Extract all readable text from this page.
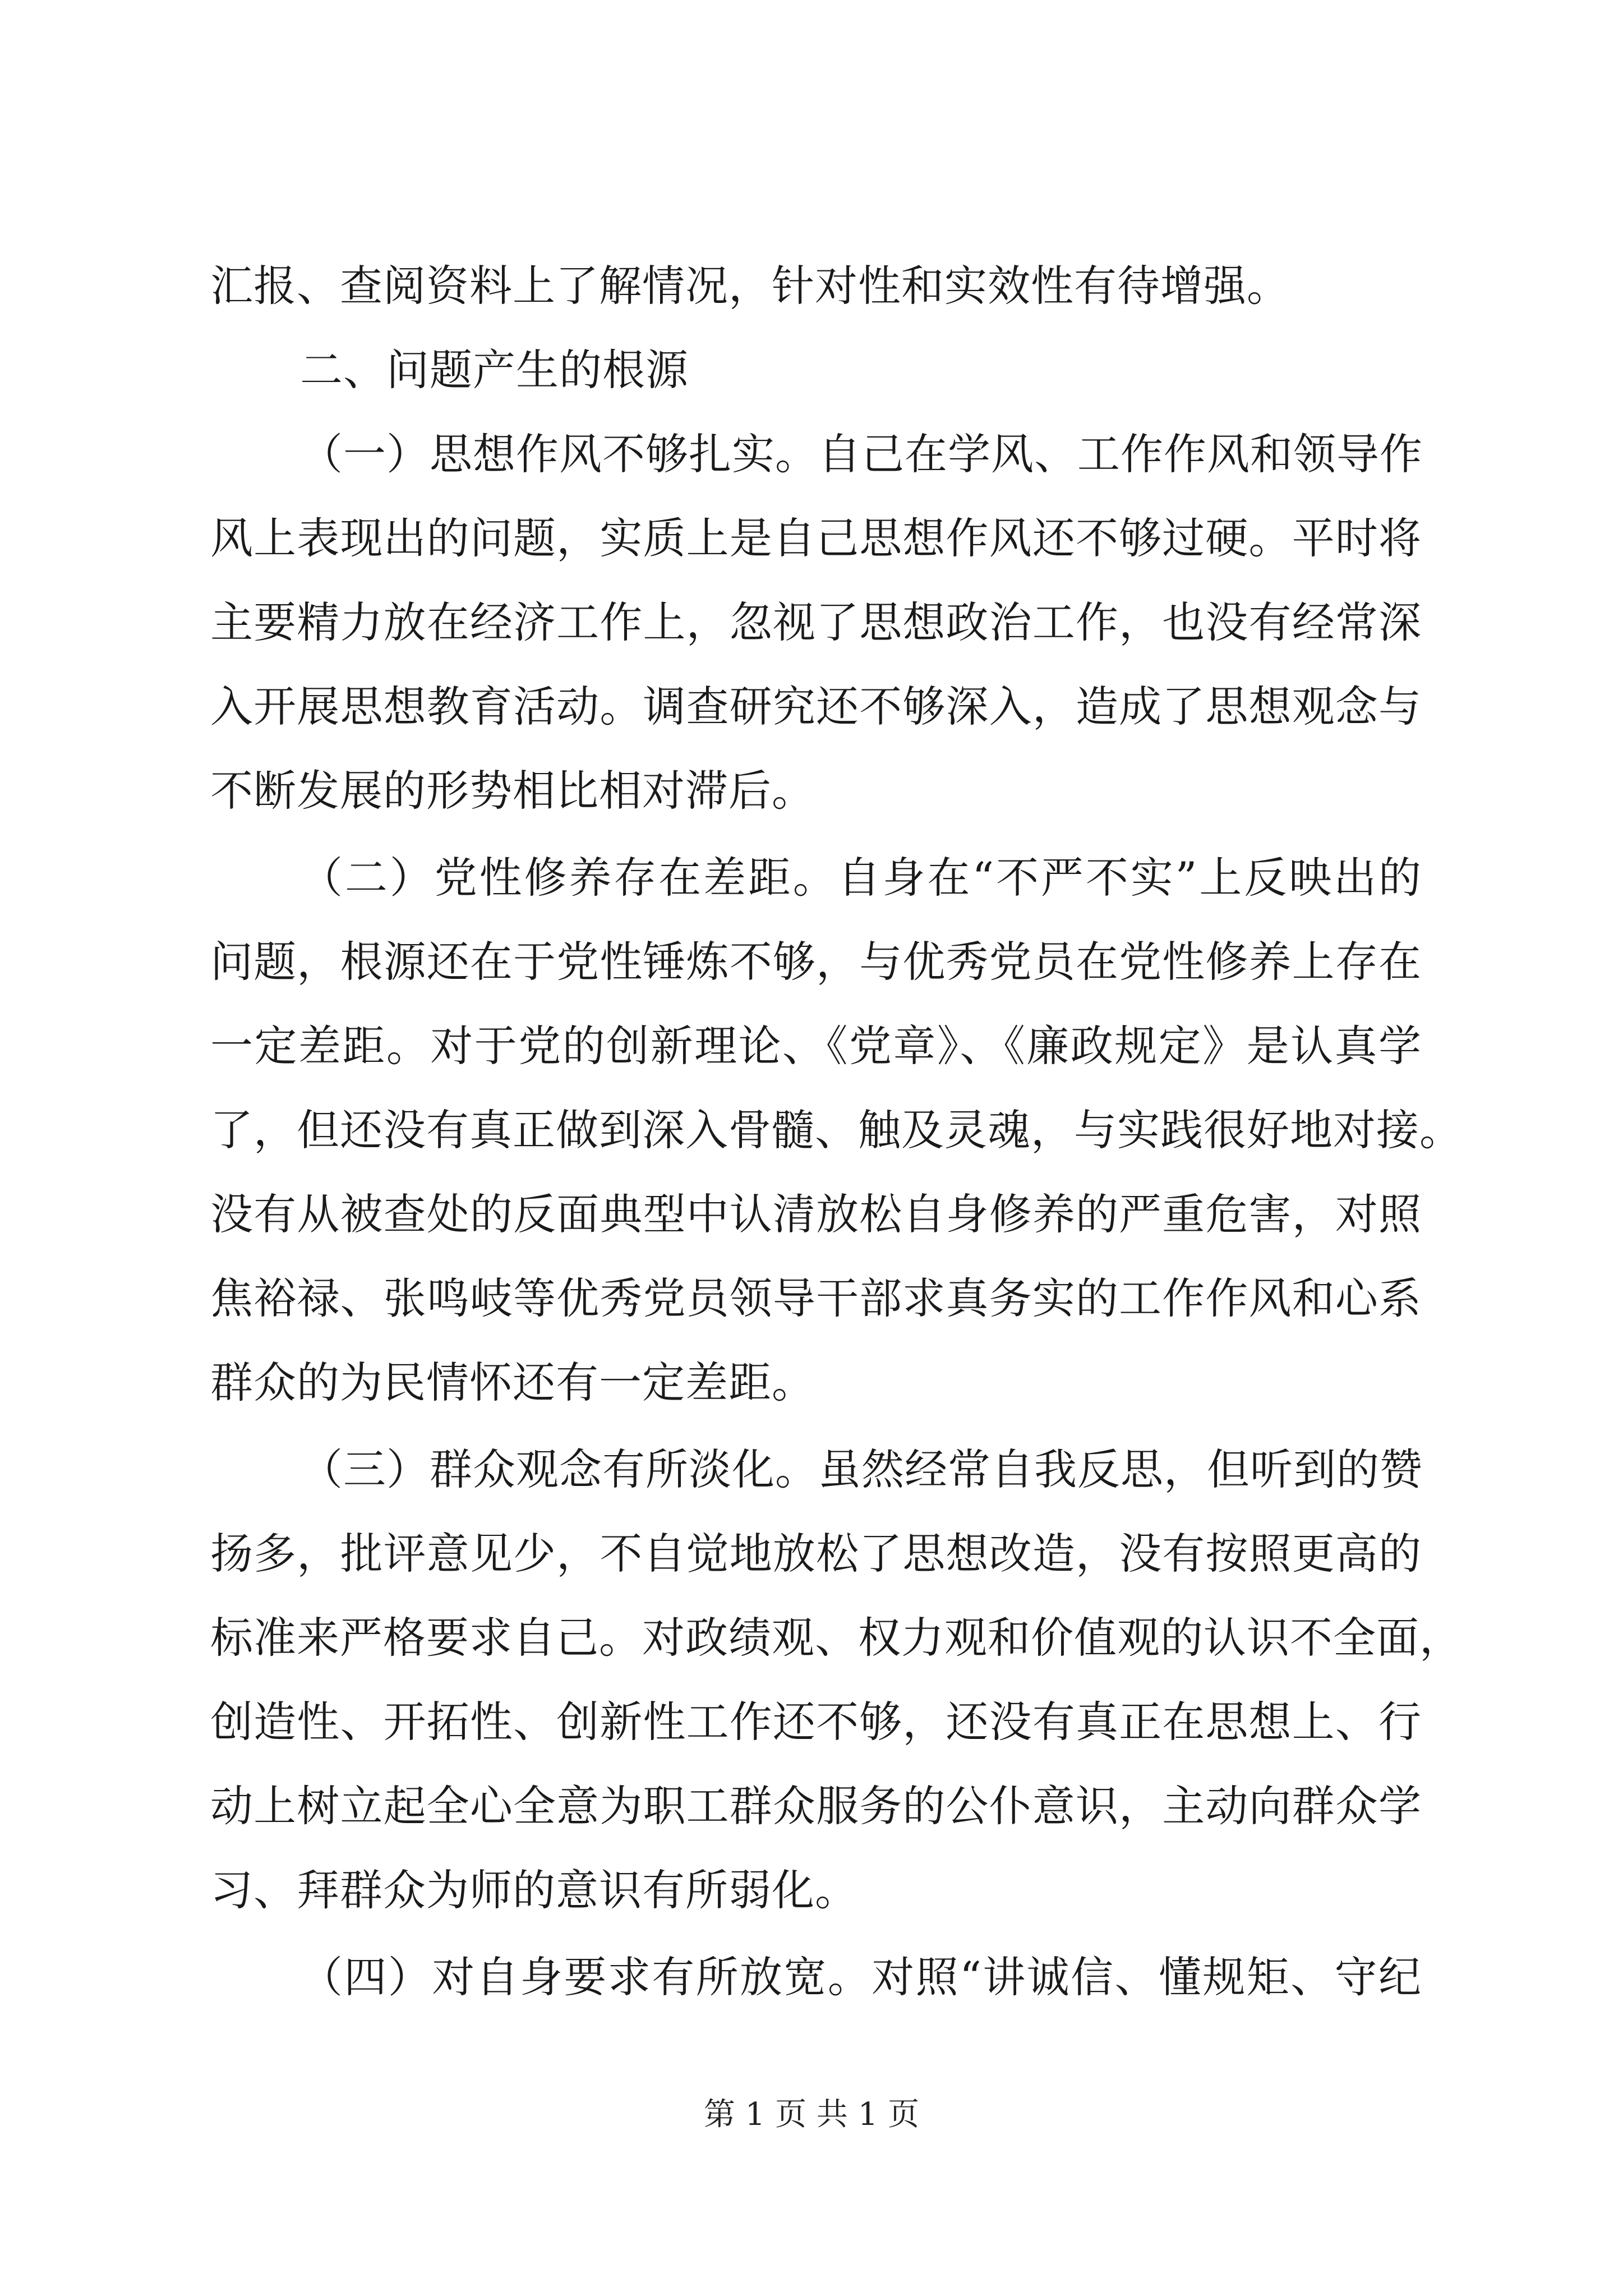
汇报、查阅资料上了解情况，针对性和实效性有待增强。
二、问题产生的根源
（一）思想作风不够扎实。自己在学风、工作作风和领导作
风上表现出的问题，实质上是自己思想作风还不够过硬。平时将
主要精力放在经济工作上，忽视了思想政治工作，也没有经常深
入开展思想教育活动。调查研究还不够深入，造成了思想观念与
不断发展的形势相比相对滞后。
（二）党性修养存在差距。自身在“不严不实”上反映出的
问题，根源还在于党性锤炼不够，与优秀党员在党性修养上存在
一定差距。对于党的创新理论、《党章》、《廉政规定》是认真学
了，但还没有真正做到深入骨髓、触及灵魂，与实践很好地对接。
没有从被查处的反面典型中认清放松自身修养的严重危害，对照
焦裕禄、张鸣岐等优秀党员领导干部求真务实的工作作风和心系
群众的为民情怀还有一定差距。
（三）群众观念有所淡化。虽然经常自我反思，但听到的赞
扬多，批评意见少，不自觉地放松了思想改造，没有按照更高的
标准来严格要求自己。对政绩观、权力观和价值观的认识不全面，
创造性、开拓性、创新性工作还不够，还没有真正在思想上、行
动上树立起全心全意为职工群众服务的公仆意识，主动向群众学
习、拜群众为师的意识有所弱化。
（四）对自身要求有所放宽。对照“讲诚信、懂规矩、守纪
第 1 页 共 1 页
